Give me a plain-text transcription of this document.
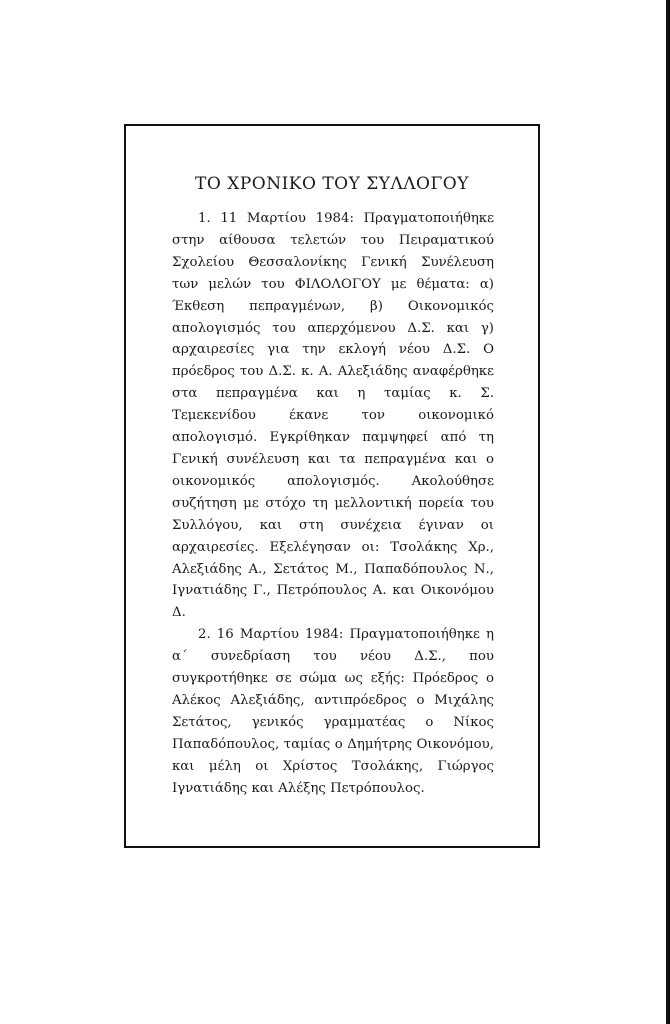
ΤΟ ΧΡΟΝΙΚΟ ΤΟΥ ΣΥΛΛΟΓΟΥ

1. 11 Μαρτίου 1984: Πραγματοποιήθηκε στην αίθουσα τελετών του Πειραματικού Σχολείου Θεσσαλονίκης Γενική Συνέλευση των μελών του ΦΙΛΟΛΟΓΟΥ με θέματα: α) Έκθεση πεπραγμένων, β) Οικονομικός απολογισμός του απερχόμενου Δ.Σ. και γ) αρχαιρεσίες για την εκλογή νέου Δ.Σ. Ο πρόεδρος του Δ.Σ. κ. Α. Αλεξιάδης αναφέρθηκε στα πεπραγμένα και η ταμίας κ. Σ. Τεμεκενίδου έκανε τον οικονομικό απολογισμό. Εγκρίθηκαν παμψηφεί από τη Γενική συνέλευση και τα πεπραγμένα και ο οικονομικός απολογισμός. Ακολούθησε συζήτηση με στόχο τη μελλοντική πορεία του Συλλόγου, και στη συνέχεια έγιναν οι αρχαιρεσίες. Εξελέγησαν οι: Τσολάκης Χρ., Αλεξιάδης Α., Σετάτος Μ., Παπαδόπουλος Ν., Ιγνατιάδης Γ., Πετρόπουλος Α. και Οικονόμου Δ.

2. 16 Μαρτίου 1984: Πραγματοποιήθηκε η α΄ συνεδρίαση του νέου Δ.Σ., που συγκροτήθηκε σε σώμα ως εξής: Πρόεδρος ο Αλέκος Αλεξιάδης, αντιπρόεδρος ο Μιχάλης Σετάτος, γενικός γραμματέας ο Νίκος Παπαδόπουλος, ταμίας ο Δημήτρης Οικονόμου, και μέλη οι Χρίστος Τσολάκης, Γιώργος Ιγνατιάδης και Αλέξης Πετρόπουλος.
